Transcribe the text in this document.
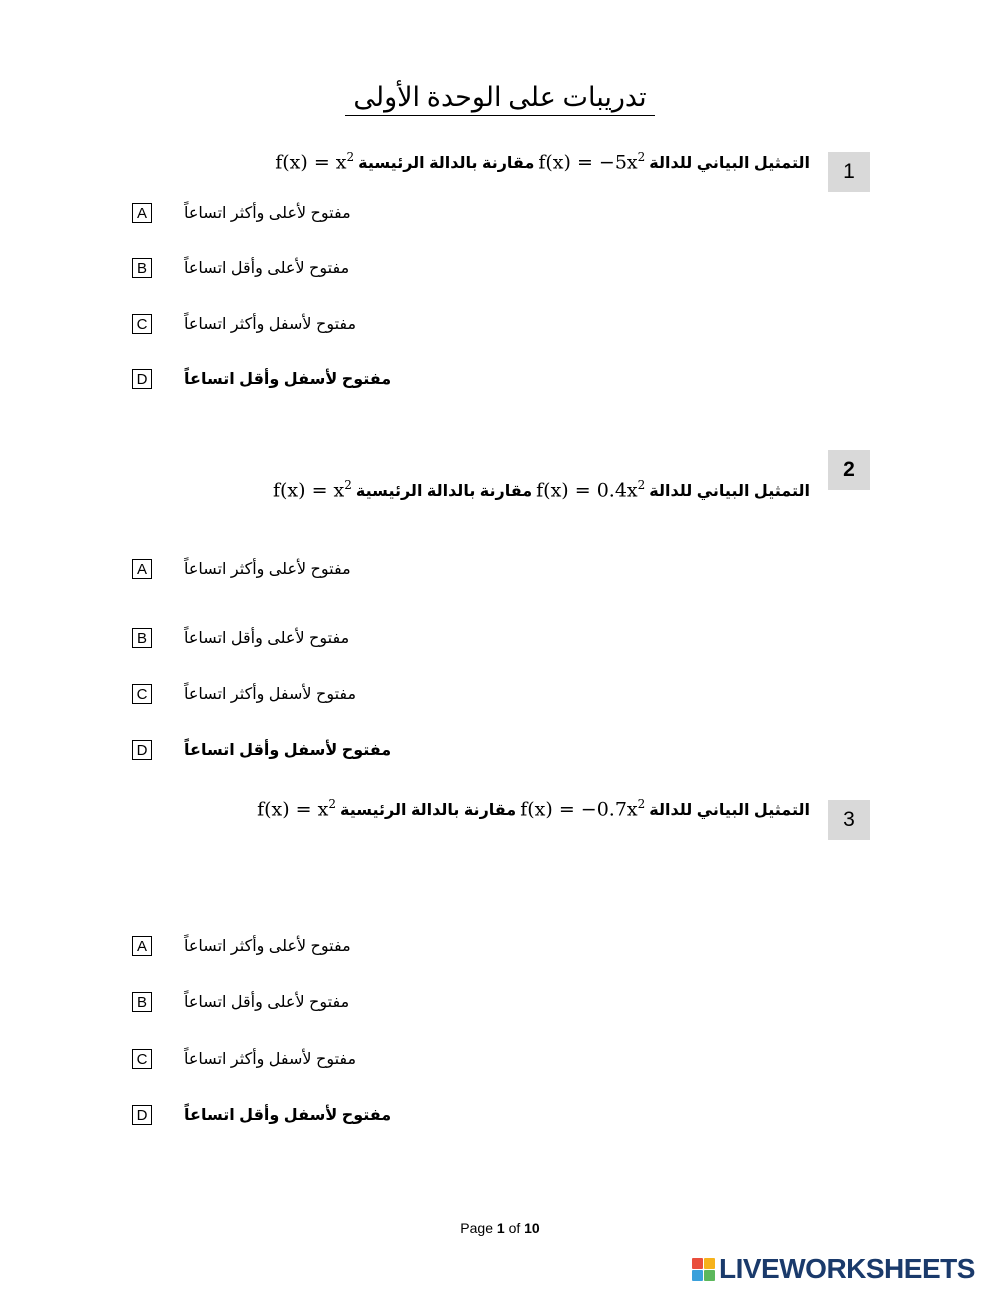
تدريبات على الوحدة الأولى
1
التمثيل البياني للدالة
$f(x) = -5x^2$
مقارنة بالدالة الرئيسية
$f(x) = x^2$
A	مفتوح لأعلى وأكثر اتساعاً
B	مفتوح لأعلى وأقل اتساعاً
C مفتوح لأسفل وأكثر اتساعاً
D مفتوح لأسفل وأقل اتساعاً
2
التمثيل البياني للدالة
$f(x) = 0.4x^2$
مقارنة بالدالة الرئيسية
$f(x) = x^2$
A	مفتوح لأعلى وأكثر اتساعاً
B	مفتوح لأعلى وأقل اتساعاً
C مفتوح لأسفل وأكثر اتساعاً
D مفتوح لأسفل وأقل اتساعاً
3
التمثيل البياني للدالة
$f(x) = -0.7x^2$
مقارنة بالدالة الرئيسية
$f(x) = x^2$
A	مفتوح لأعلى وأكثر اتساعاً
B	مفتوح لأعلى وأقل اتساعاً
C مفتوح لأسفل وأكثر اتساعاً
D مفتوح لأسفل وأقل اتساعاً
Page 1 of 10
LIVEWORKSHEETS
